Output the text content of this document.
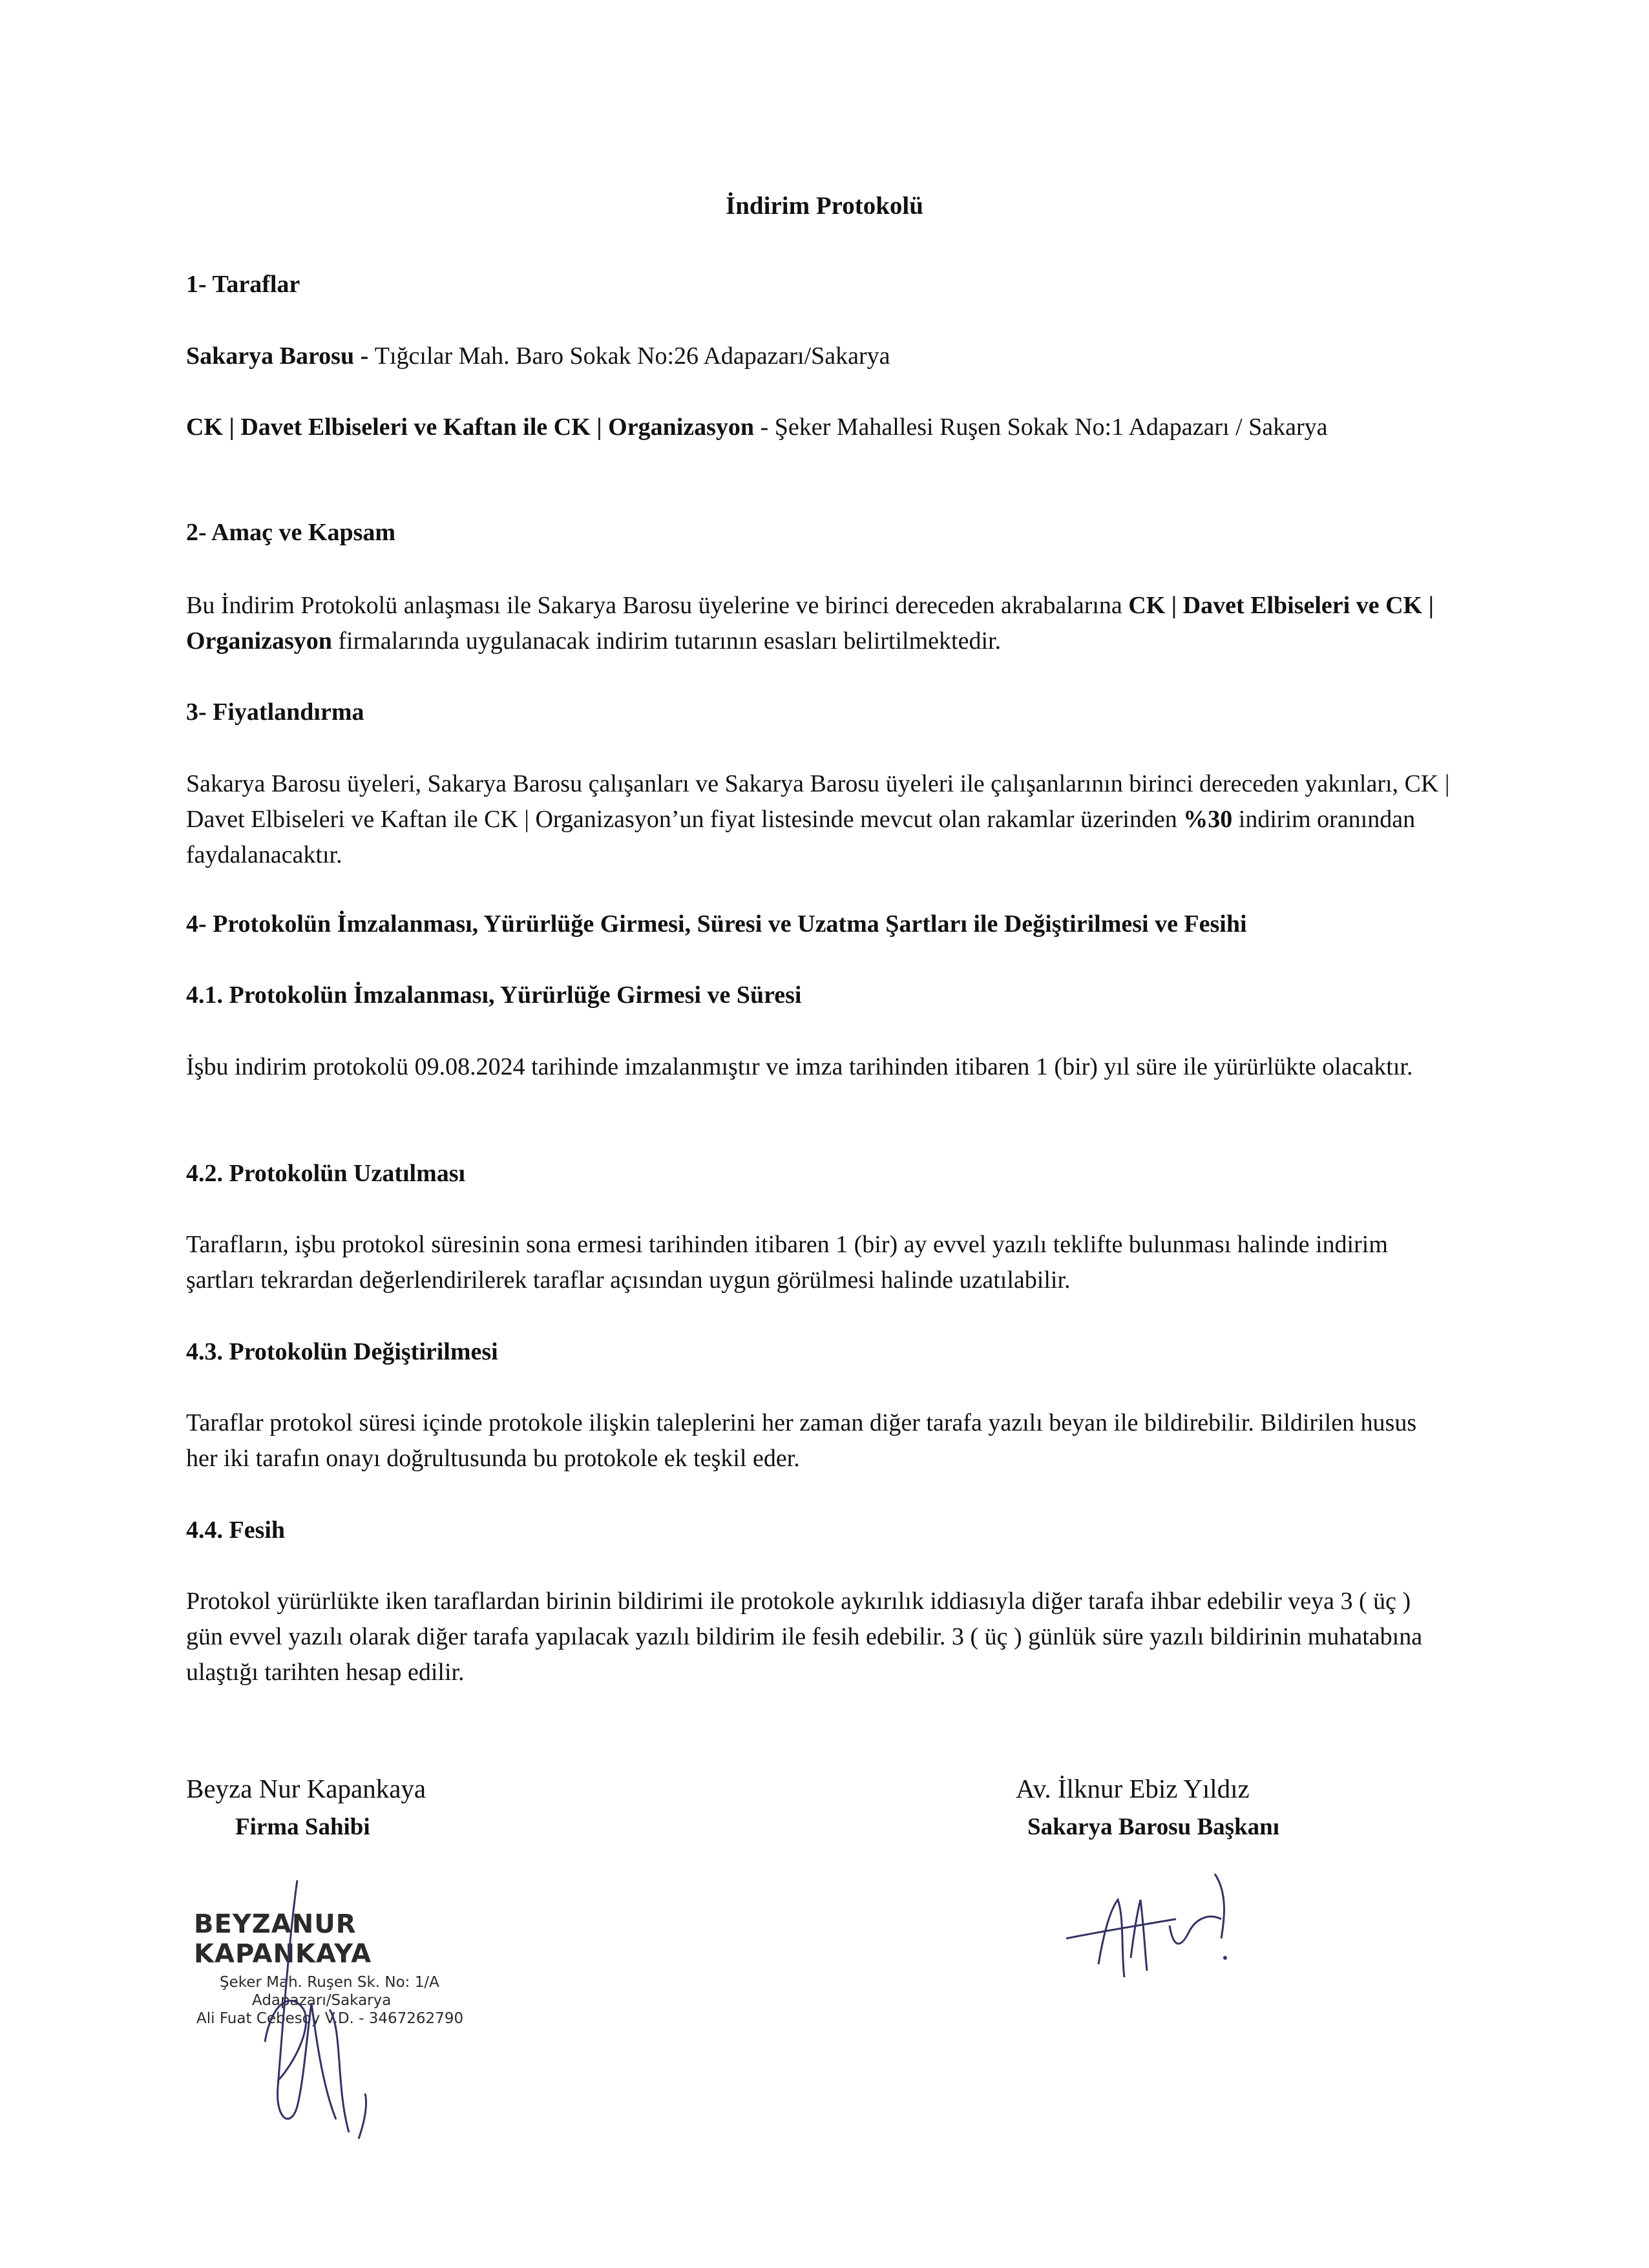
İndirim Protokolü
1- Taraflar
Sakarya Barosu - Tığcılar Mah. Baro Sokak No:26 Adapazarı/Sakarya
CK | Davet Elbiseleri ve Kaftan ile CK | Organizasyon - Şeker Mahallesi Ruşen Sokak No:1 Adapazarı / Sakarya
2- Amaç ve Kapsam
Bu İndirim Protokolü anlaşması ile Sakarya Barosu üyelerine ve birinci dereceden akrabalarına CK | Davet Elbiseleri ve CK | Organizasyon firmalarında uygulanacak indirim tutarının esasları belirtilmektedir.
3- Fiyatlandırma
Sakarya Barosu üyeleri, Sakarya Barosu çalışanları ve Sakarya Barosu üyeleri ile çalışanlarının birinci dereceden yakınları, CK | Davet Elbiseleri ve Kaftan ile CK | Organizasyon’un fiyat listesinde mevcut olan rakamlar üzerinden %30 indirim oranından faydalanacaktır.
4- Protokolün İmzalanması, Yürürlüğe Girmesi, Süresi ve Uzatma Şartları ile Değiştirilmesi ve Fesihi
4.1. Protokolün İmzalanması, Yürürlüğe Girmesi ve Süresi
İşbu indirim protokolü 09.08.2024 tarihinde imzalanmıştır ve imza tarihinden itibaren 1 (bir) yıl süre ile yürürlükte olacaktır.
4.2. Protokolün Uzatılması
Tarafların, işbu protokol süresinin sona ermesi tarihinden itibaren 1 (bir) ay evvel yazılı teklifte bulunması halinde indirim şartları tekrardan değerlendirilerek taraflar açısından uygun görülmesi halinde uzatılabilir.
4.3. Protokolün Değiştirilmesi
Taraflar protokol süresi içinde protokole ilişkin taleplerini her zaman diğer tarafa yazılı beyan ile bildirebilir. Bildirilen husus her iki tarafın onayı doğrultusunda bu protokole ek teşkil eder.
4.4. Fesih
Protokol yürürlükte iken taraflardan birinin bildirimi ile protokole aykırılık iddiasıyla diğer tarafa ihbar edebilir veya 3 ( üç ) gün evvel yazılı olarak diğer tarafa yapılacak yazılı bildirim ile fesih edebilir. 3 ( üç ) günlük süre yazılı bildirinin muhatabına ulaştığı tarihten hesap edilir.
Beyza Nur Kapankaya
Firma Sahibi
Av. İlknur Ebiz Yıldız
Sakarya Barosu Başkanı
BEYZANUR KAPANKAYA
Şeker Mah. Ruşen Sk. No: 1/A
Adapazarı/Sakarya
Ali Fuat Cebesoy V.D. - 3467262790
